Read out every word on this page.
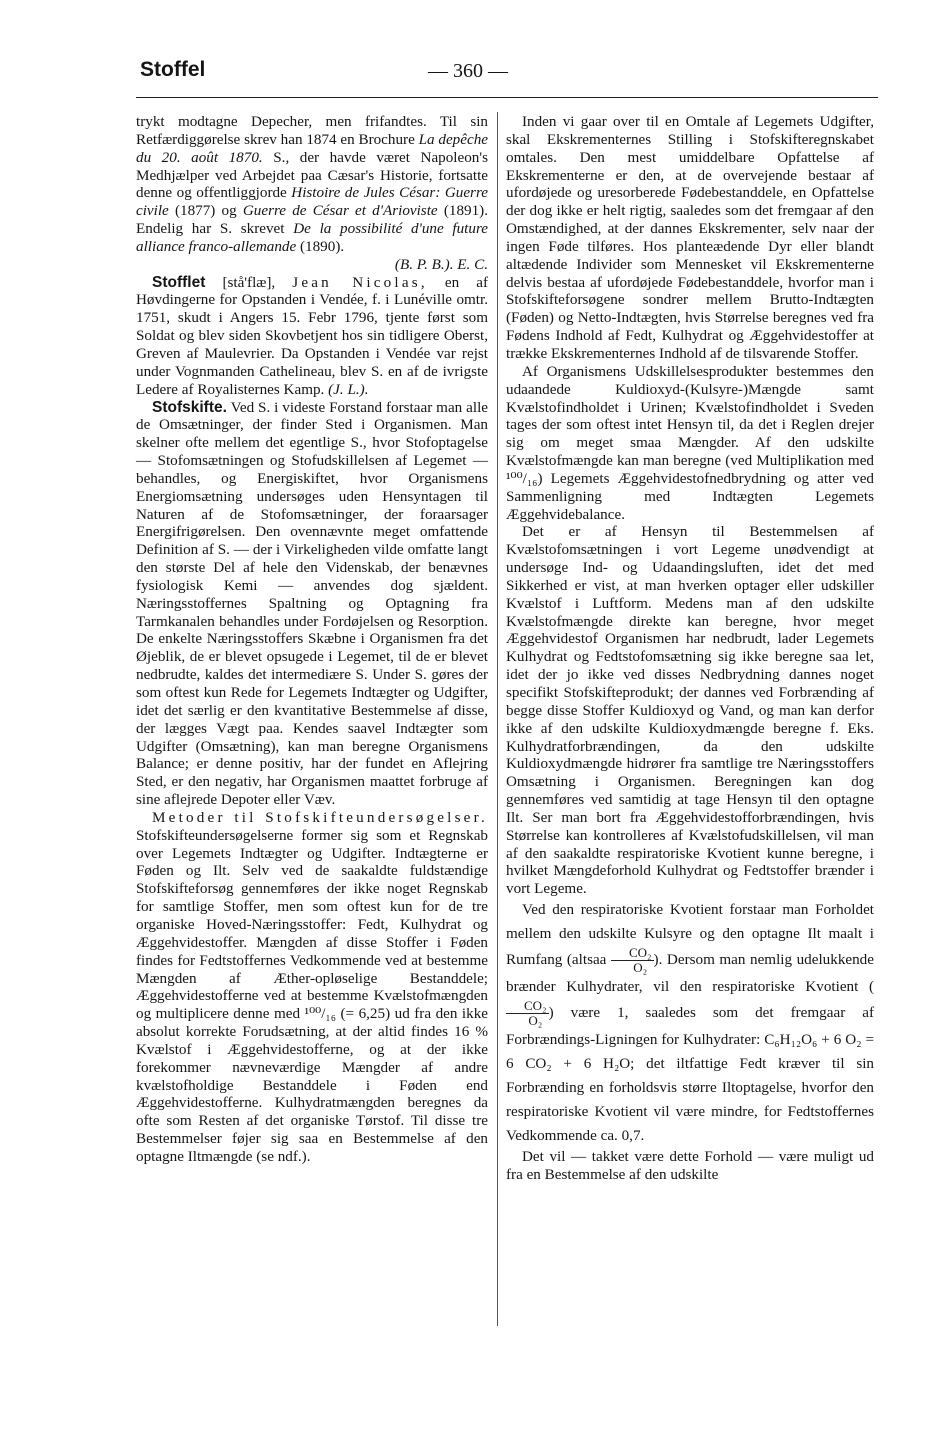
Stoffel	— 360 —

trykt modtagne Depecher, men frifandtes. Til sin Retfærdiggørelse skrev han 1874 en Brochure La depêche du 20. août 1870. S., der havde været Napoleon's Medhjælper ved Arbejdet paa Cæsar's Historie, fortsatte denne og offentliggjorde Histoire de Jules César: Guerre civile (1877) og Guerre de César et d'Arioviste (1891). Endelig har S. skrevet De la possibilité d'une future alliance franco-allemande (1890).

(B. P. B.). E. C.

Stofflet [stå'flæ], Jean Nicolas, en af Høvdingerne for Opstanden i Vendée, f. i Lunéville omtr. 1751, skudt i Angers 15. Febr 1796, tjente først som Soldat og blev siden Skovbetjent hos sin tidligere Oberst, Greven af Maulevrier. Da Opstanden i Vendée var rejst under Vognmanden Cathelineau, blev S. en af de ivrigste Ledere af Royalisternes Kamp. (J. L.).

Stofskifte. Ved S. i videste Forstand forstaar man alle de Omsætninger, der finder Sted i Organismen. Man skelner ofte mellem det egentlige S., hvor Stofoptagelse — Stofomsætningen og Stofudskillelsen af Legemet — behandles, og Energiskiftet, hvor Organismens Energiomsætning undersøges uden Hensyntagen til Naturen af de Stofomsætninger, der foraarsager Energifrigørelsen. Den ovennævnte meget omfattende Definition af S. — der i Virkeligheden vilde omfatte langt den største Del af hele den Videnskab, der benævnes fysiologisk Kemi — anvendes dog sjældent. Næringsstoffernes Spaltning og Optagning fra Tarmkanalen behandles under Fordøjelsen og Resorption. De enkelte Næringsstoffers Skæbne i Organismen fra det Øjeblik, de er blevet opsugede i Legemet, til de er blevet nedbrudte, kaldes det intermediære S. Under S. gøres der som oftest kun Rede for Legemets Indtægter og Udgifter, idet det særlig er den kvantitative Bestemmelse af disse, der lægges Vægt paa. Kendes saavel Indtægter som Udgifter (Omsætning), kan man beregne Organismens Balance; er denne positiv, har der fundet en Aflejring Sted, er den negativ, har Organismen maattet forbruge af sine aflejrede Depoter eller Væv.

Metoder til Stofskifteundersøgelser. Stofskifteundersøgelserne former sig som et Regnskab over Legemets Indtægter og Udgifter. Indtægterne er Føden og Ilt. Selv ved de saakaldte fuldstændige Stofskifteforsøg gennemføres der ikke noget Regnskab for samtlige Stoffer, men som oftest kun for de tre organiske Hoved-Næringsstoffer: Fedt, Kulhydrat og Æggehvidestoffer. Mængden af disse Stoffer i Føden findes for Fedtstoffernes Vedkommende ved at bestemme Mængden af Æther-opløselige Bestanddele; Æggehvidestofferne ved at bestemme Kvælstofmængden og multiplicere denne med ¹⁰⁰/₁₆ (= 6,25) ud fra den ikke absolut korrekte Forudsætning, at der altid findes 16 % Kvælstof i Æggehvidestofferne, og at der ikke forekommer nævneværdige Mængder af andre kvælstofholdige Bestanddele i Føden end Æggehvidestofferne. Kulhydratmængden beregnes da ofte som Resten af det organiske Tørstof. Til disse tre Bestemmelser føjer sig saa en Bestemmelse af den optagne Iltmængde (se ndf.).

Inden vi gaar over til en Omtale af Legemets Udgifter, skal Ekskrementernes Stilling i Stofskifteregnskabet omtales. Den mest umiddelbare Opfattelse af Ekskrementerne er den, at de overvejende bestaar af ufordøjede og uresorberede Fødebestanddele, en Opfattelse der dog ikke er helt rigtig, saaledes som det fremgaar af den Omstændighed, at der dannes Ekskrementer, selv naar der ingen Føde tilføres. Hos planteædende Dyr eller blandt altædende Individer som Mennesket vil Ekskrementerne delvis bestaa af ufordøjede Fødebestanddele, hvorfor man i Stofskifteforsøgene sondrer mellem Brutto-Indtægten (Føden) og Netto-Indtægten, hvis Størrelse beregnes ved fra Fødens Indhold af Fedt, Kulhydrat og Æggehvidestoffer at trække Ekskrementernes Indhold af de tilsvarende Stoffer.

Af Organismens Udskillelsesprodukter bestemmes den udaandede Kuldioxyd-(Kulsyre-)Mængde samt Kvælstofindholdet i Urinen; Kvælstofindholdet i Sveden tages der som oftest intet Hensyn til, da det i Reglen drejer sig om meget smaa Mængder. Af den udskilte Kvælstofmængde kan man beregne (ved Multiplikation med ¹⁰⁰/₁₆) Legemets Æggehvidestofnedbrydning og atter ved Sammenligning med Indtægten Legemets Æggehvidebalance.

Det er af Hensyn til Bestemmelsen af Kvælstofomsætningen i vort Legeme unødvendigt at undersøge Ind- og Udaandingsluften, idet det med Sikkerhed er vist, at man hverken optager eller udskiller Kvælstof i Luftform. Medens man af den udskilte Kvælstofmængde direkte kan beregne, hvor meget Æggehvidestof Organismen har nedbrudt, lader Legemets Kulhydrat og Fedtstofomsætning sig ikke beregne saa let, idet der jo ikke ved disses Nedbrydning dannes noget specifikt Stofskifteprodukt; der dannes ved Forbrænding af begge disse Stoffer Kuldioxyd og Vand, og man kan derfor ikke af den udskilte Kuldioxydmængde beregne f. Eks. Kulhydratforbrændingen, da den udskilte Kuldioxydmængde hidrører fra samtlige tre Næringsstoffers Omsætning i Organismen. Beregningen kan dog gennemføres ved samtidig at tage Hensyn til den optagne Ilt. Ser man bort fra Æggehvidestofforbrændingen, hvis Størrelse kan kontrolleres af Kvælstofudskillelsen, vil man af den saakaldte respiratoriske Kvotient kunne beregne, i hvilket Mængdeforhold Kulhydrat og Fedtstoffer brænder i vort Legeme.

Ved den respiratoriske Kvotient forstaar man Forholdet mellem den udskilte Kulsyre og den optagne Ilt maalt i Rumfang (altsaa $\frac{\text{CO₂}}{\text{O₂}}$ ). Dersom man nemlig udelukkende brænder Kulhydrater, vil den respiratoriske Kvotient (
$\frac{\text{CO₂}}{\text{O₂}}$ ) være 1, saaledes som det fremgaar af Forbrændings-Ligningen for Kulhydrater: C₆H₁₂O₆ + 6 O₂ = 6 CO₂ + 6 H₂O; det iltfattige Fedt kræver til sin Forbrænding en forholdsvis større Iltoptagelse, hvorfor den respiratoriske Kvotient vil være mindre, for Fedtstoffernes Vedkommende ca. 0,7.

Det vil — takket være dette Forhold — være muligt ud fra en Bestemmelse af den udskilte
